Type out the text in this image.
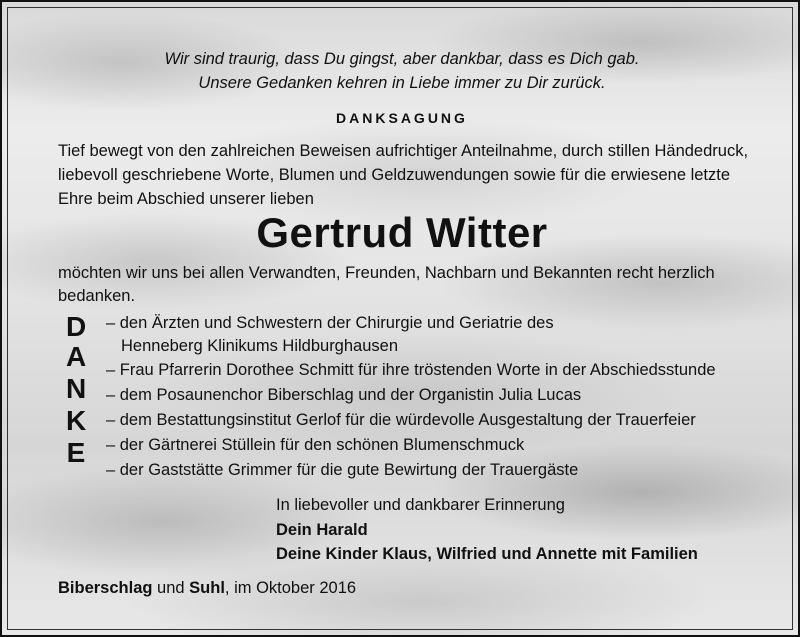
Wir sind traurig, dass Du gingst, aber dankbar, dass es Dich gab.
Unsere Gedanken kehren in Liebe immer zu Dir zurück.
DANKSAGUNG
Tief bewegt von den zahlreichen Beweisen aufrichtiger Anteilnahme, durch stillen Händedruck,
liebevoll geschriebene Worte, Blumen und Geldzuwendungen sowie für die erwiesene letzte
Ehre beim Abschied unserer lieben
Gertrud Witter
möchten wir uns bei allen Verwandten, Freunden, Nachbarn und Bekannten recht herzlich
bedanken.
D
A
N
K
E
– den Ärzten und Schwestern der Chirurgie und Geriatrie des
Henneberg Klinikums Hildburghausen
– Frau Pfarrerin Dorothee Schmitt für ihre tröstenden Worte in der Abschiedsstunde
– dem Posaunenchor Biberschlag und der Organistin Julia Lucas
– dem Bestattungsinstitut Gerlof für die würdevolle Ausgestaltung der Trauerfeier
– der Gärtnerei Stüllein für den schönen Blumenschmuck
– der Gaststätte Grimmer für die gute Bewirtung der Trauergäste
In liebevoller und dankbarer Erinnerung
Dein Harald
Deine Kinder Klaus, Wilfried und Annette mit Familien
Biberschlag und Suhl, im Oktober 2016
